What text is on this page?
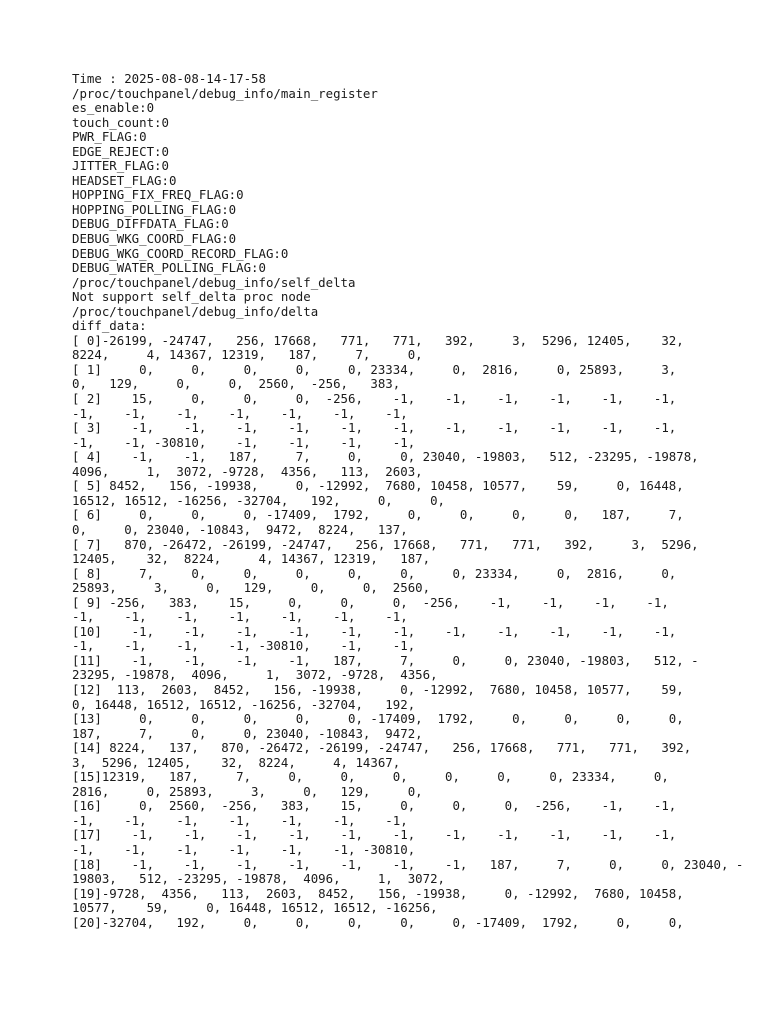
Time : 2025-08-08-14-17-58
/proc/touchpanel/debug_info/main_register
es_enable:0
touch_count:0
PWR_FLAG:0
EDGE_REJECT:0
JITTER_FLAG:0
HEADSET_FLAG:0
HOPPING_FIX_FREQ_FLAG:0
HOPPING_POLLING_FLAG:0
DEBUG_DIFFDATA_FLAG:0
DEBUG_WKG_COORD_FLAG:0
DEBUG_WKG_COORD_RECORD_FLAG:0
DEBUG_WATER_POLLING_FLAG:0
/proc/touchpanel/debug_info/self_delta
Not support self_delta proc node
/proc/touchpanel/debug_info/delta
diff_data:
[ 0]-26199, -24747,   256, 17668,   771,   771,   392,     3,  5296, 12405,    32,
8224,     4, 14367, 12319,   187,     7,     0,
[ 1]     0,     0,     0,     0,     0, 23334,     0,  2816,     0, 25893,     3,
0,   129,     0,     0,  2560,  -256,   383,
[ 2]    15,     0,     0,     0,  -256,    -1,    -1,    -1,    -1,    -1,    -1,
-1,    -1,    -1,    -1,    -1,    -1,    -1,
[ 3]    -1,    -1,    -1,    -1,    -1,    -1,    -1,    -1,    -1,    -1,    -1,
-1,    -1, -30810,    -1,    -1,    -1,    -1,
[ 4]    -1,    -1,   187,     7,     0,     0, 23040, -19803,   512, -23295, -19878,
4096,     1,  3072, -9728,  4356,   113,  2603,
[ 5] 8452,   156, -19938,     0, -12992,  7680, 10458, 10577,    59,     0, 16448,
16512, 16512, -16256, -32704,   192,     0,     0,
[ 6]     0,     0,     0, -17409,  1792,     0,     0,     0,     0,   187,     7,
0,     0, 23040, -10843,  9472,  8224,   137,
[ 7]   870, -26472, -26199, -24747,   256, 17668,   771,   771,   392,     3,  5296,
12405,    32,  8224,     4, 14367, 12319,   187,
[ 8]     7,     0,     0,     0,     0,     0,     0, 23334,     0,  2816,     0,
25893,     3,     0,   129,     0,     0,  2560,
[ 9] -256,   383,    15,     0,     0,     0,  -256,    -1,    -1,    -1,    -1,
-1,    -1,    -1,    -1,    -1,    -1,    -1,
[10]    -1,    -1,    -1,    -1,    -1,    -1,    -1,    -1,    -1,    -1,    -1,
-1,    -1,    -1,    -1, -30810,    -1,    -1,
[11]    -1,    -1,    -1,    -1,   187,     7,     0,     0, 23040, -19803,   512, -
23295, -19878,  4096,     1,  3072, -9728,  4356,
[12]  113,  2603,  8452,   156, -19938,     0, -12992,  7680, 10458, 10577,    59,
0, 16448, 16512, 16512, -16256, -32704,   192,
[13]     0,     0,     0,     0,     0, -17409,  1792,     0,     0,     0,     0,
187,     7,     0,     0, 23040, -10843,  9472,
[14] 8224,   137,   870, -26472, -26199, -24747,   256, 17668,   771,   771,   392,
3,  5296, 12405,    32,  8224,     4, 14367,
[15]12319,   187,     7,     0,     0,     0,     0,     0,     0, 23334,     0,
2816,     0, 25893,     3,     0,   129,     0,
[16]     0,  2560,  -256,   383,    15,     0,     0,     0,  -256,    -1,    -1,
-1,    -1,    -1,    -1,    -1,    -1,    -1,
[17]    -1,    -1,    -1,    -1,    -1,    -1,    -1,    -1,    -1,    -1,    -1,
-1,    -1,    -1,    -1,    -1,    -1, -30810,
[18]    -1,    -1,    -1,    -1,    -1,    -1,    -1,   187,     7,     0,     0, 23040, -
19803,   512, -23295, -19878,  4096,     1,  3072,
[19]-9728,  4356,   113,  2603,  8452,   156, -19938,     0, -12992,  7680, 10458,
10577,    59,     0, 16448, 16512, 16512, -16256,
[20]-32704,   192,     0,     0,     0,     0,     0, -17409,  1792,     0,     0,
